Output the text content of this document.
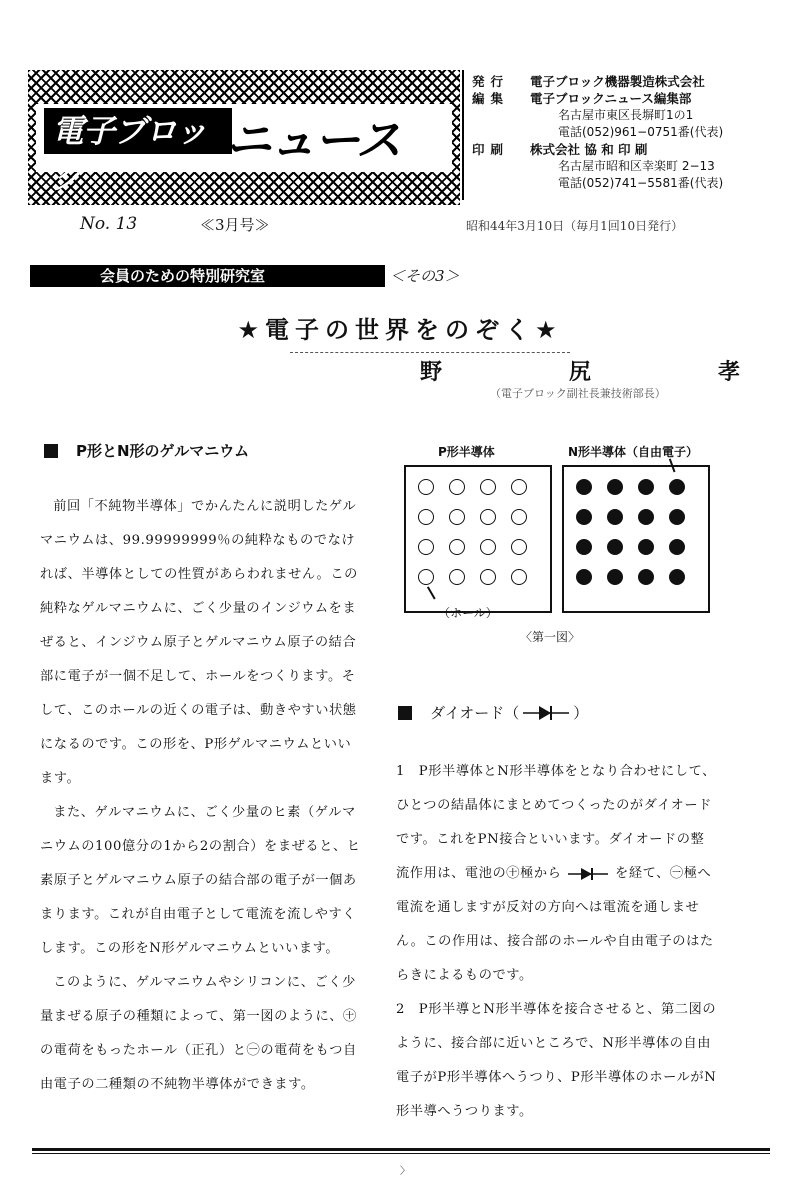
電子ブロック
ニュース
発行	電子ブロック機器製造株式会社
編集	電子ブロックニュース編集部
名古屋市東区長塀町1の1
電話(052)961−0751番(代表)
印刷	株式会社 協 和 印 刷
名古屋市昭和区幸楽町 2−13
電話(052)741−5581番(代表)
No. 13	≪3月号≫	昭和44年3月10日（毎月1回10日発行）
会員のための特別研究室	＜その3＞
★電子の世界をのぞく★
野	尻	孝
（電子ブロック副社長兼技術部長）
P形とN形のゲルマニウム

前回「不純物半導体」でかんたんに説明したゲルマニウムは、99.99999999％の純粋なものでなければ、半導体としての性質があらわれません。この純粋なゲルマニウムに、ごく少量のインジウムをまぜると、インジウム原子とゲルマニウム原子の結合部に電子が一個不足して、ホールをつくります。そして、このホールの近くの電子は、動きやすい状態になるのです。この形を、P形ゲルマニウムといいます。

また、ゲルマニウムに、ごく少量のヒ素（ゲルマニウムの100億分の1から2の割合）をまぜると、ヒ素原子とゲルマニウム原子の結合部の電子が一個あまります。これが自由電子として電流を流しやすくします。この形をN形ゲルマニウムといいます。

このように、ゲルマニウムやシリコンに、ごく少量まぜる原子の種類によって、第一図のように、㊉の電荷をもったホール（正孔）と㊀の電荷をもつ自由電子の二種類の不純物半導体ができます。

P形半導体	N形半導体（自由電子）
（ホール）
〈第一図〉
ダイオード（	）

1　P形半導体とN形半導体をとなり合わせにして、ひとつの結晶体にまとめてつくったのがダイオードです。これをPN接合といいます。ダイオードの整流作用は、電池の㊉極から	を経て、㊀極へ電流を通しますが反対の方向へは電流を通しません。この作用は、接合部のホールや自由電子のはたらきによるものです。

2　P形半導とN形半導体を接合させると、第二図のように、接合部に近いところで、N形半導体の自由電子がP形半導体へうつり、P形半導体のホールがN形半導へうつります。

〉
